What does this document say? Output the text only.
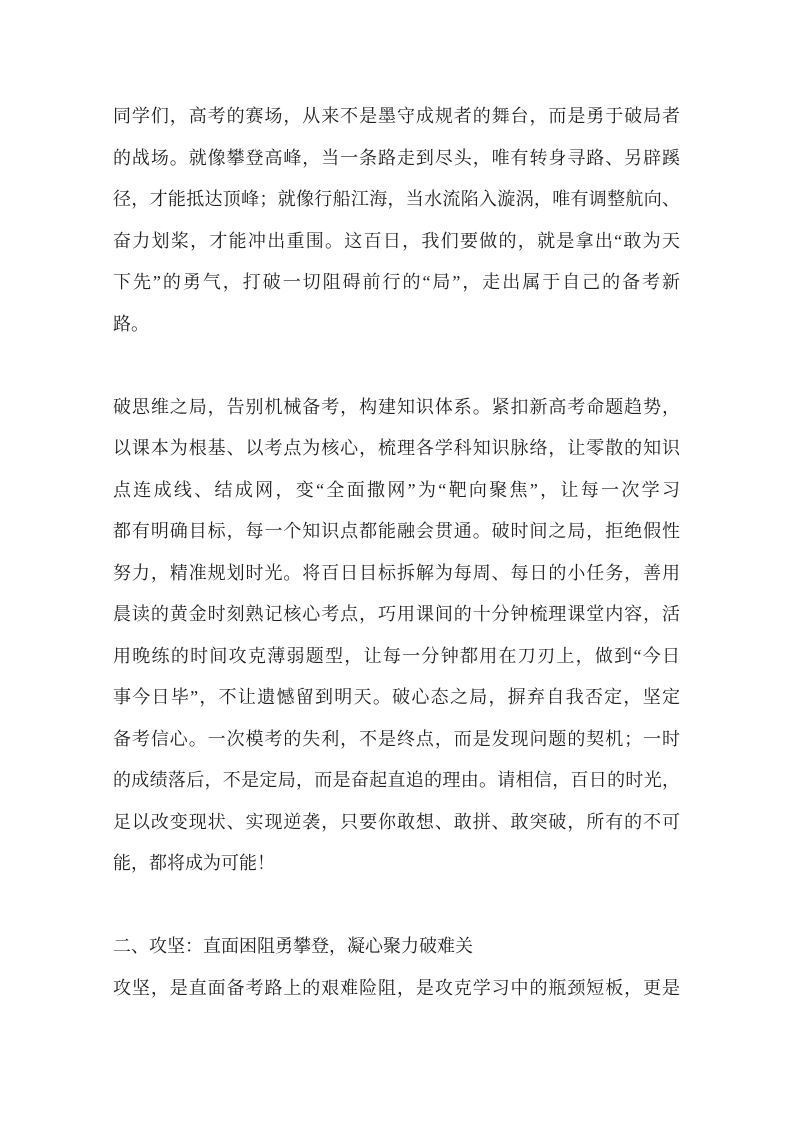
同学们，高考的赛场，从来不是墨守成规者的舞台，而是勇于破局者
的战场。就像攀登高峰，当一条路走到尽头，唯有转身寻路、另辟蹊
径，才能抵达顶峰；就像行船江海，当水流陷入漩涡，唯有调整航向、
奋力划桨，才能冲出重围。这百日，我们要做的，就是拿出“敢为天
下先”的勇气，打破一切阻碍前行的“局”，走出属于自己的备考新
路。
破思维之局，告别机械备考，构建知识体系。紧扣新高考命题趋势，
以课本为根基、以考点为核心，梳理各学科知识脉络，让零散的知识
点连成线、结成网，变“全面撒网”为“靶向聚焦”，让每一次学习
都有明确目标，每一个知识点都能融会贯通。破时间之局，拒绝假性
努力，精准规划时光。将百日目标拆解为每周、每日的小任务，善用
晨读的黄金时刻熟记核心考点，巧用课间的十分钟梳理课堂内容，活
用晚练的时间攻克薄弱题型，让每一分钟都用在刀刃上，做到“今日
事今日毕”，不让遗憾留到明天。破心态之局，摒弃自我否定，坚定
备考信心。一次模考的失利，不是终点，而是发现问题的契机；一时
的成绩落后，不是定局，而是奋起直追的理由。请相信，百日的时光，
足以改变现状、实现逆袭，只要你敢想、敢拼、敢突破，所有的不可
能，都将成为可能！
二、攻坚：直面困阻勇攀登，凝心聚力破难关
攻坚，是直面备考路上的艰难险阻，是攻克学习中的瓶颈短板，更是
